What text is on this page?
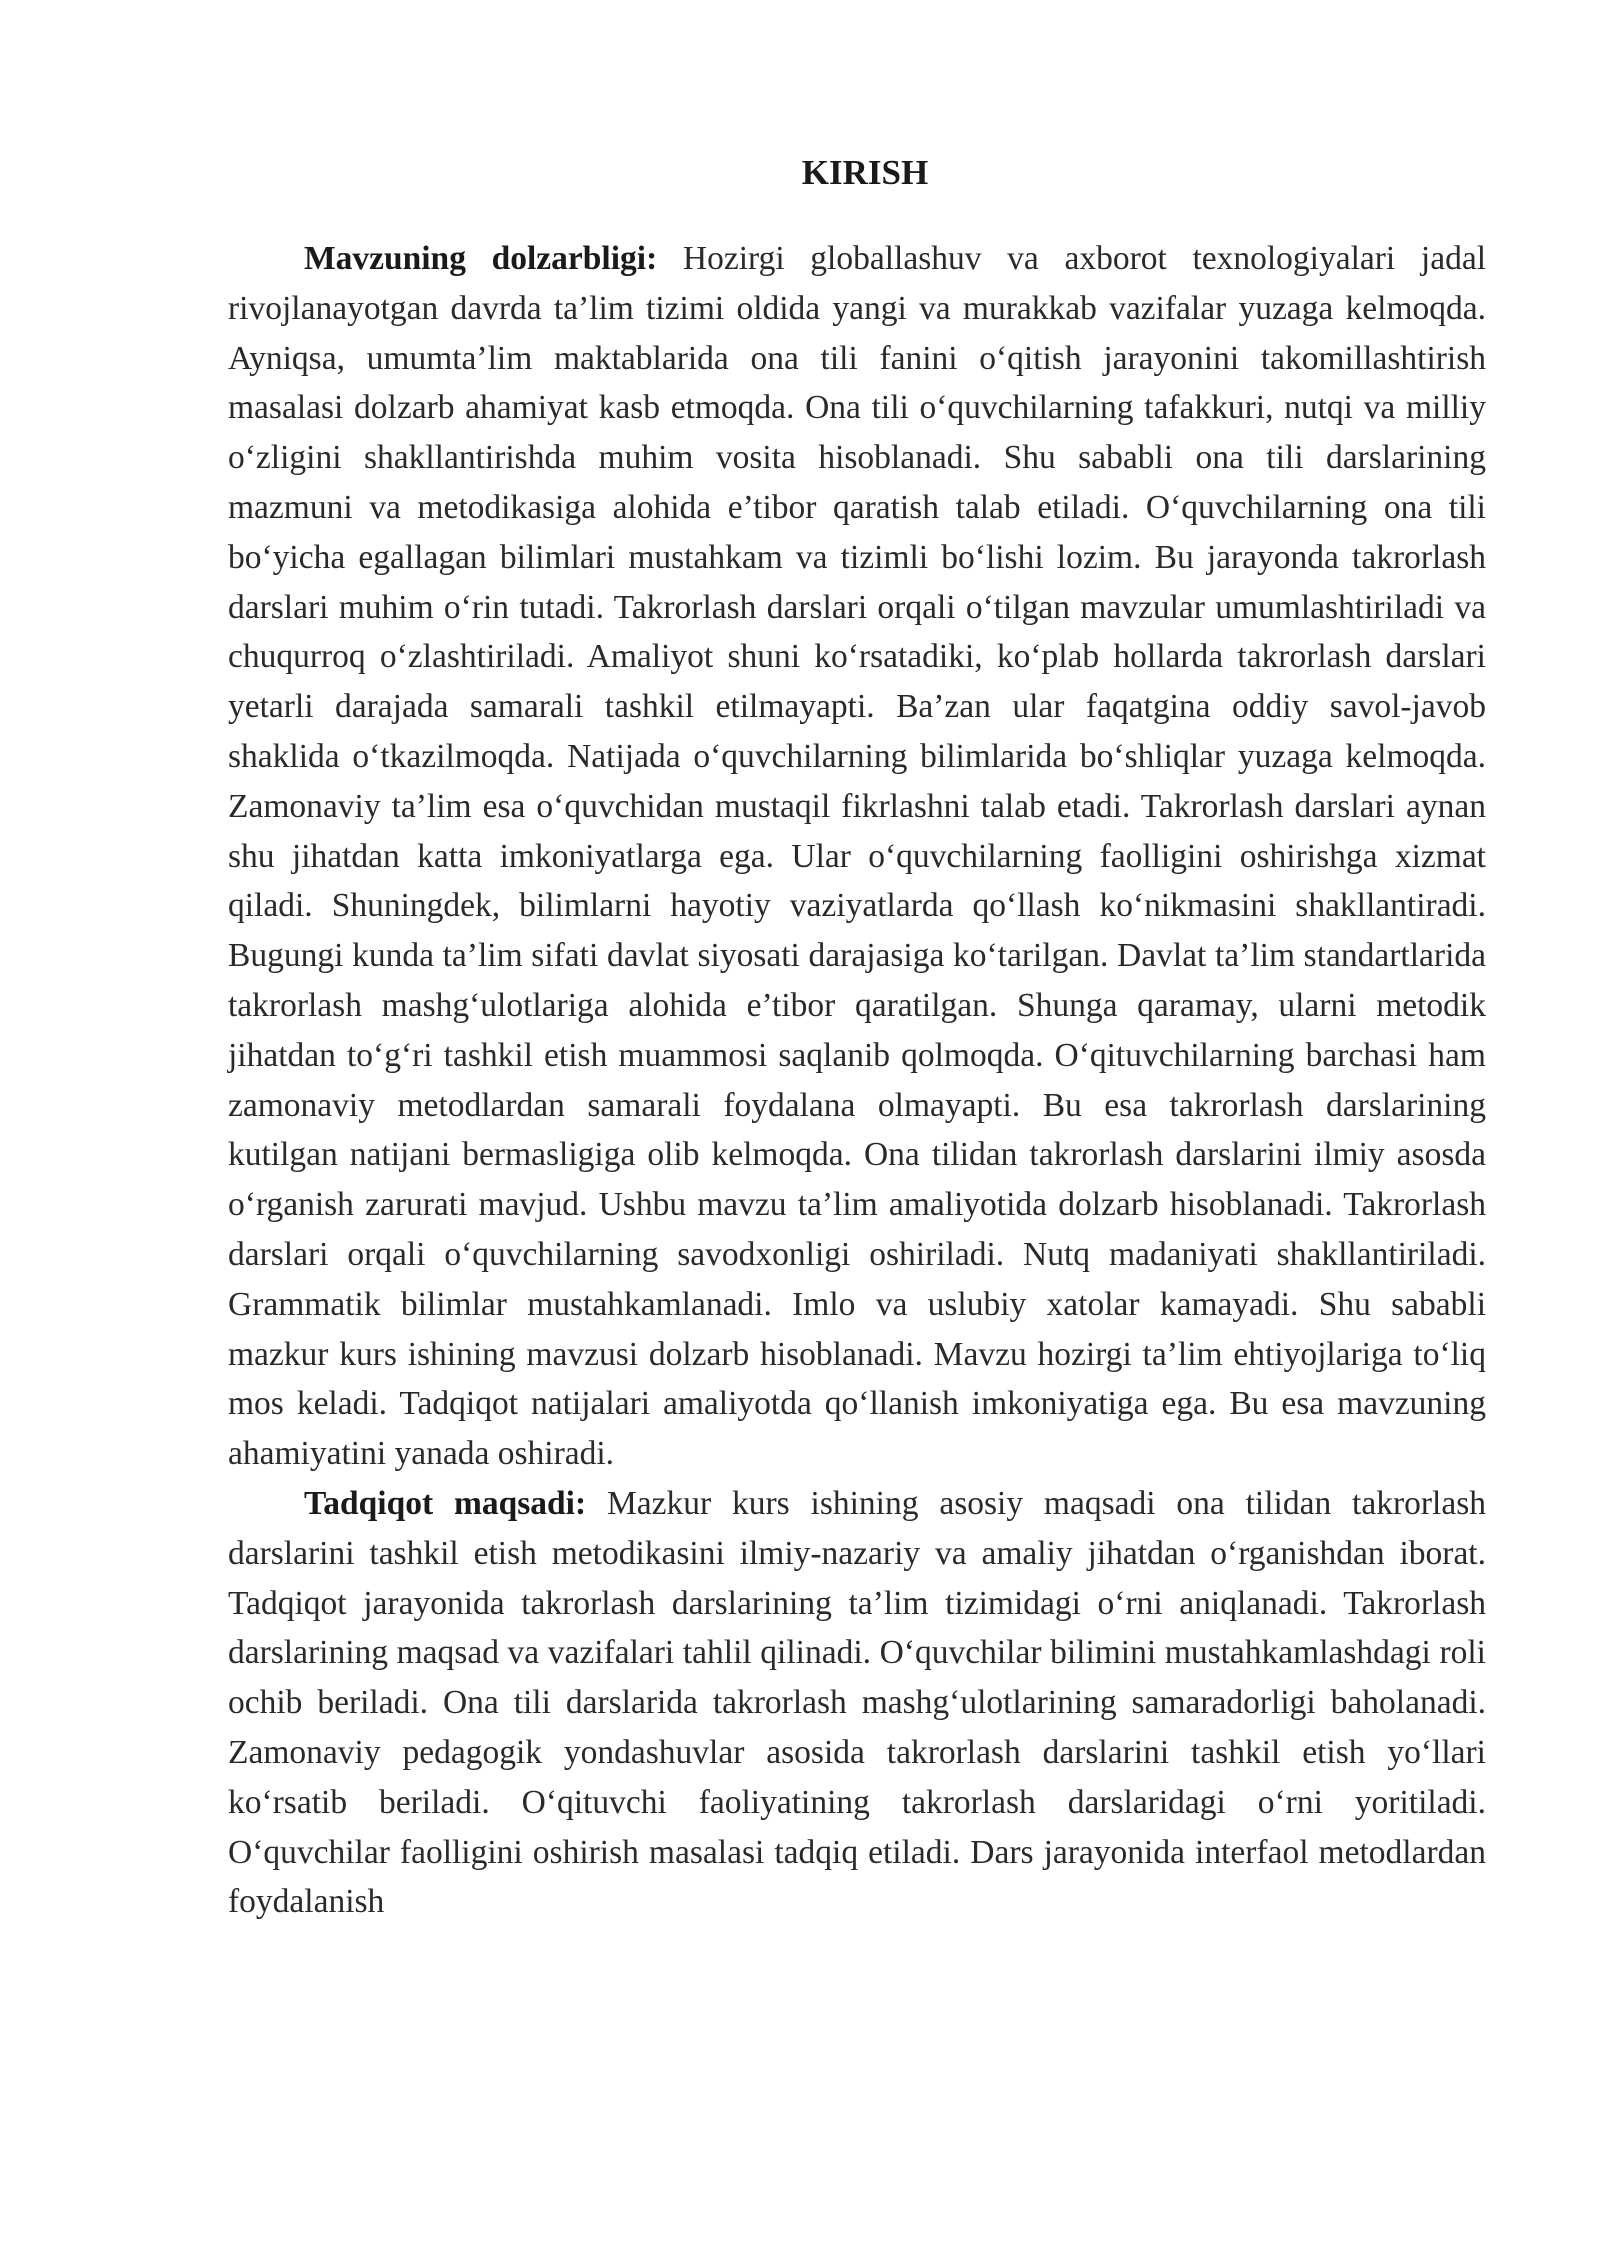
KIRISH

Mavzuning dolzarbligi: Hozirgi globallashuv va axborot texnologiyalari jadal rivojlanayotgan davrda ta’lim tizimi oldida yangi va murakkab vazifalar yuzaga kelmoqda. Ayniqsa, umumta’lim maktablarida ona tili fanini o‘qitish jarayonini takomillashtirish masalasi dolzarb ahamiyat kasb etmoqda. Ona tili o‘quvchilarning tafakkuri, nutqi va milliy o‘zligini shakllantirishda muhim vosita hisoblanadi. Shu sababli ona tili darslarining mazmuni va metodikasiga alohida e’tibor qaratish talab etiladi. O‘quvchilarning ona tili bo‘yicha egallagan bilimlari mustahkam va tizimli bo‘lishi lozim. Bu jarayonda takrorlash darslari muhim o‘rin tutadi. Takrorlash darslari orqali o‘tilgan mavzular umumlashtiriladi va chuqurroq o‘zlashtiriladi. Amaliyot shuni ko‘rsatadiki, ko‘plab hollarda takrorlash darslari yetarli darajada samarali tashkil etilmayapti. Ba’zan ular faqatgina oddiy savol-javob shaklida o‘tkazilmoqda. Natijada o‘quvchilarning bilimlarida bo‘shliqlar yuzaga kelmoqda. Zamonaviy ta’lim esa o‘quvchidan mustaqil fikrlashni talab etadi. Takrorlash darslari aynan shu jihatdan katta imkoniyatlarga ega. Ular o‘quvchilarning faolligini oshirishga xizmat qiladi. Shuningdek, bilimlarni hayotiy vaziyatlarda qo‘llash ko‘nikmasini shakllantiradi. Bugungi kunda ta’lim sifati davlat siyosati darajasiga ko‘tarilgan. Davlat ta’lim standartlarida takrorlash mashg‘ulotlariga alohida e’tibor qaratilgan. Shunga qaramay, ularni metodik jihatdan to‘g‘ri tashkil etish muammosi saqlanib qolmoqda. O‘qituvchilarning barchasi ham zamonaviy metodlardan samarali foydalana olmayapti. Bu esa takrorlash darslarining kutilgan natijani bermasligiga olib kelmoqda. Ona tilidan takrorlash darslarini ilmiy asosda o‘rganish zarurati mavjud. Ushbu mavzu ta’lim amaliyotida dolzarb hisoblanadi. Takrorlash darslari orqali o‘quvchilarning savodxonligi oshiriladi. Nutq madaniyati shakllantiriladi. Grammatik bilimlar mustahkamlanadi. Imlo va uslubiy xatolar kamayadi. Shu sababli mazkur kurs ishining mavzusi dolzarb hisoblanadi. Mavzu hozirgi ta’lim ehtiyojlariga to‘liq mos keladi. Tadqiqot natijalari amaliyotda qo‘llanish imkoniyatiga ega. Bu esa mavzuning ahamiyatini yanada oshiradi.

Tadqiqot maqsadi: Mazkur kurs ishining asosiy maqsadi ona tilidan takrorlash darslarini tashkil etish metodikasini ilmiy-nazariy va amaliy jihatdan o‘rganishdan iborat. Tadqiqot jarayonida takrorlash darslarining ta’lim tizimidagi o‘rni aniqlanadi. Takrorlash darslarining maqsad va vazifalari tahlil qilinadi. O‘quvchilar bilimini mustahkamlashdagi roli ochib beriladi. Ona tili darslarida takrorlash mashg‘ulotlarining samaradorligi baholanadi. Zamonaviy pedagogik yondashuvlar asosida takrorlash darslarini tashkil etish yo‘llari ko‘rsatib beriladi. O‘qituvchi faoliyatining takrorlash darslaridagi o‘rni yoritiladi. O‘quvchilar faolligini oshirish masalasi tadqiq etiladi. Dars jarayonida interfaol metodlardan foydalanish
